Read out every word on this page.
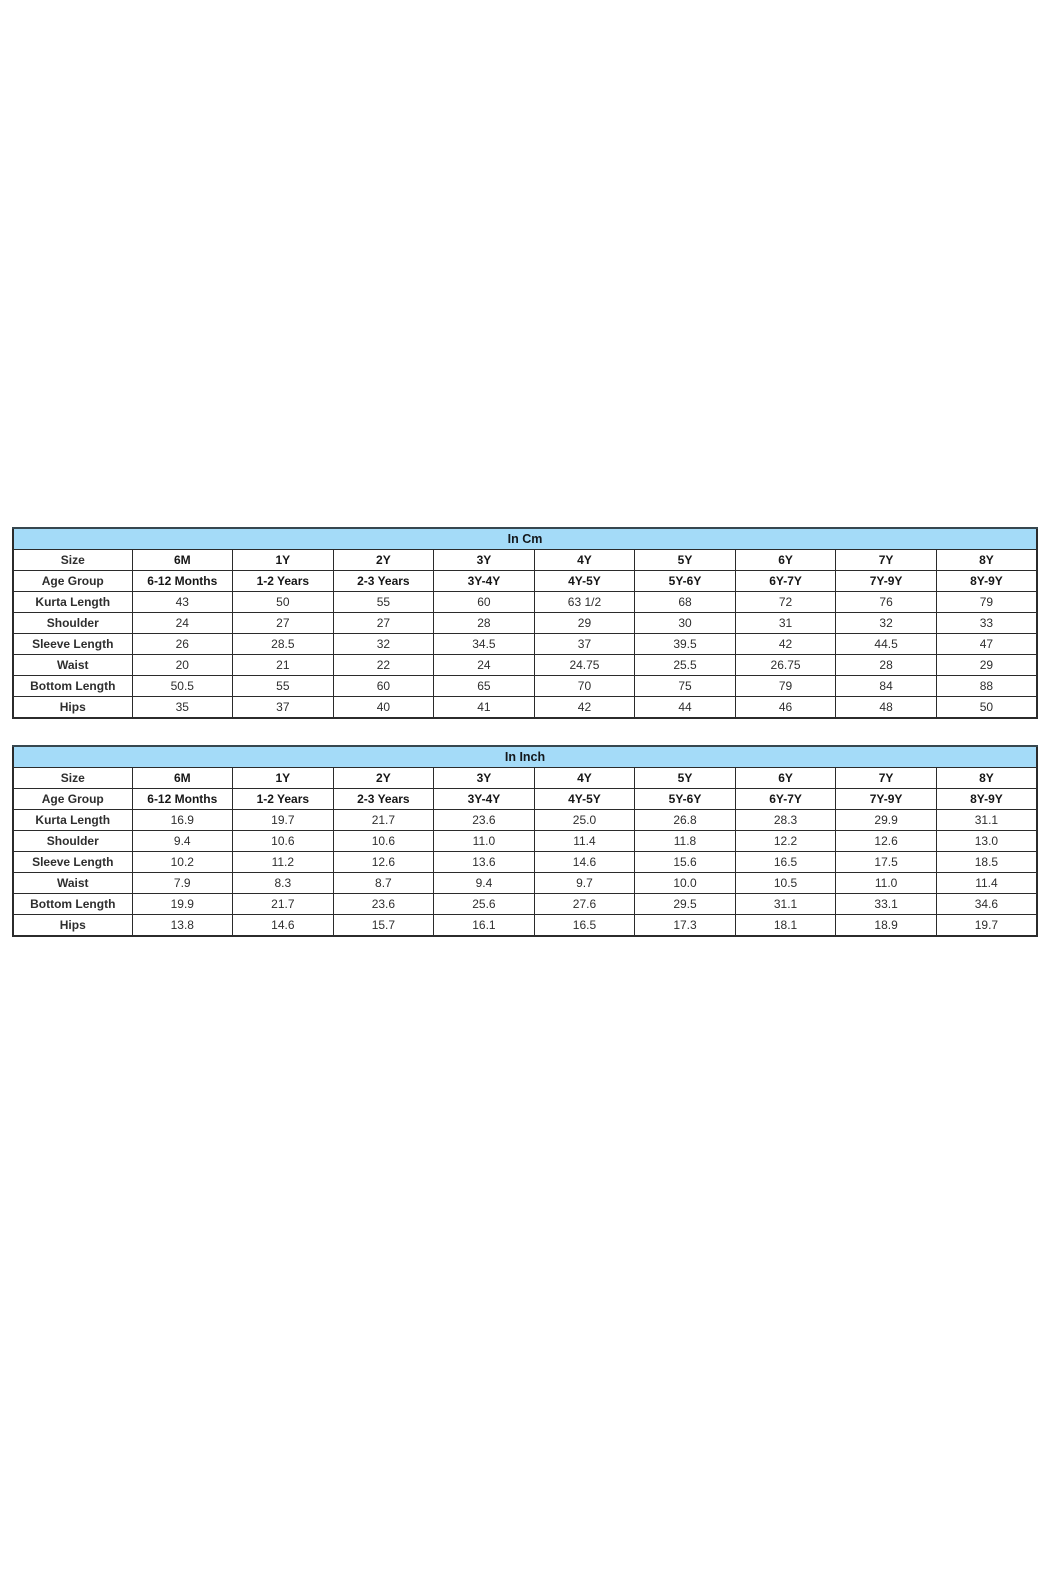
In Cm									
Size	6M	1Y	2Y	3Y	4Y	5Y	6Y	7Y	8Y
Age Group	6-12 Months	1-2 Years	2-3 Years	3Y-4Y	4Y-5Y	5Y-6Y	6Y-7Y	7Y-9Y	8Y-9Y
Kurta Length	43	50	55	60	63 1/2	68	72	76	79
Shoulder	24	27	27	28	29	30	31	32	33
Sleeve Length	26	28.5	32	34.5	37	39.5	42	44.5	47
Waist	20	21	22	24	24.75	25.5	26.75	28	29
Bottom Length	50.5	55	60	65	70	75	79	84	88
Hips	35	37	40	41	42	44	46	48	50
In Inch									
Size	6M	1Y	2Y	3Y	4Y	5Y	6Y	7Y	8Y
Age Group	6-12 Months	1-2 Years	2-3 Years	3Y-4Y	4Y-5Y	5Y-6Y	6Y-7Y	7Y-9Y	8Y-9Y
Kurta Length	16.9	19.7	21.7	23.6	25.0	26.8	28.3	29.9	31.1
Shoulder	9.4	10.6	10.6	11.0	11.4	11.8	12.2	12.6	13.0
Sleeve Length	10.2	11.2	12.6	13.6	14.6	15.6	16.5	17.5	18.5
Waist	7.9	8.3	8.7	9.4	9.7	10.0	10.5	11.0	11.4
Bottom Length	19.9	21.7	23.6	25.6	27.6	29.5	31.1	33.1	34.6
Hips	13.8	14.6	15.7	16.1	16.5	17.3	18.1	18.9	19.7
